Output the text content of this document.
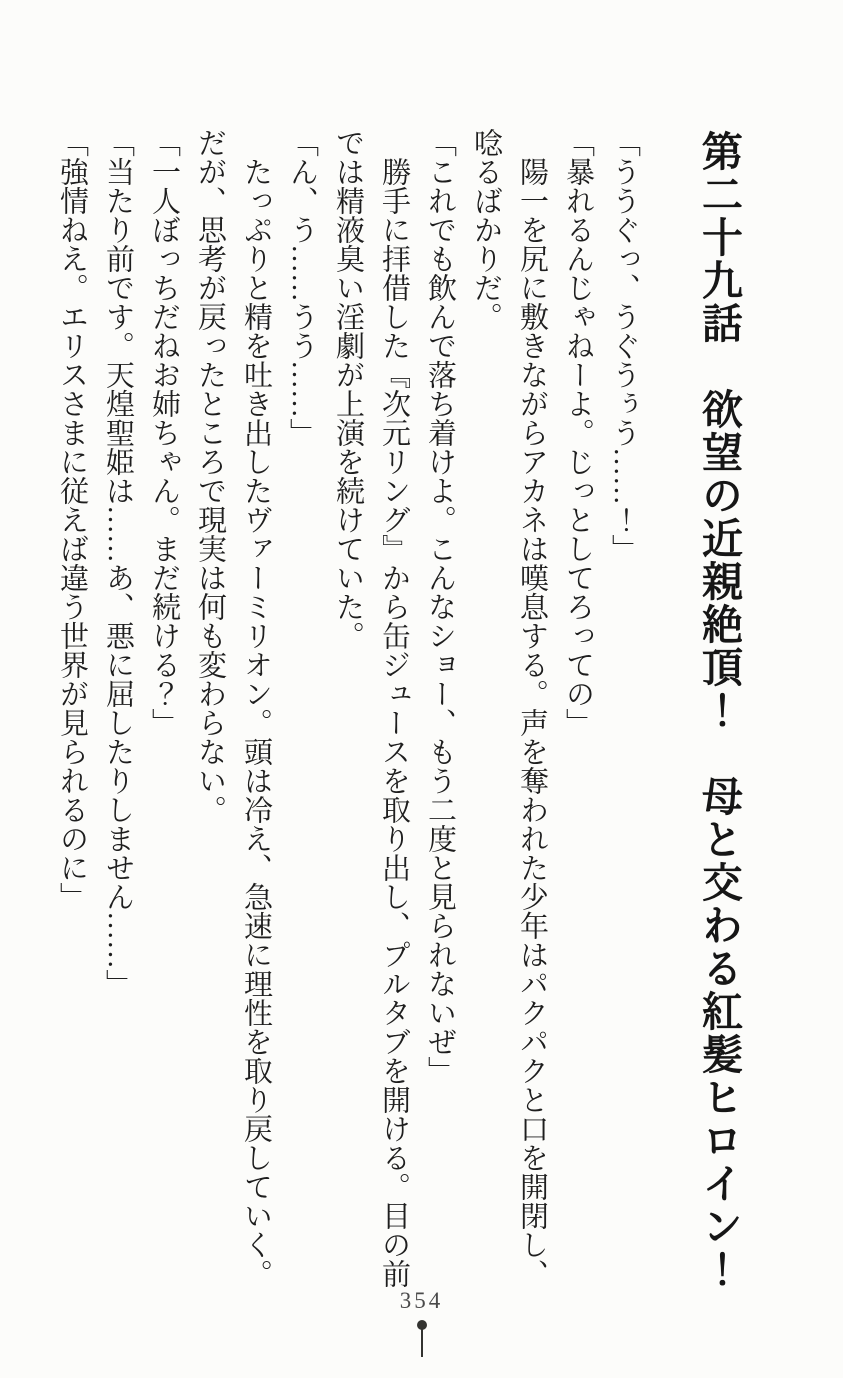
第二十九話　欲望の近親絶頂！　母と交わる紅髪ヒロイン！

「ううぐっ、うぐうぅう……！」

「暴れるんじゃねーよ。じっとしてろっての」

　陽一を尻に敷きながらアカネは嘆息する。声を奪われた少年はパクパクと口を開閉し、唸るばかりだ。

「これでも飲んで落ち着けよ。こんなショー、もう二度と見られないぜ」

　勝手に拝借した『次元リング』から缶ジュースを取り出し、プルタブを開ける。目の前では精液臭い淫劇が上演を続けていた。

「ん、う……うう……」

　たっぷりと精を吐き出したヴァーミリオン。頭は冷え、急速に理性を取り戻していく。だが、思考が戻ったところで現実は何も変わらない。

「一人ぼっちだねお姉ちゃん。まだ続ける？」

「当たり前です。天煌聖姫は……あ、悪に屈したりしません……」

「強情ねえ。エリスさまに従えば違う世界が見られるのに」

354
